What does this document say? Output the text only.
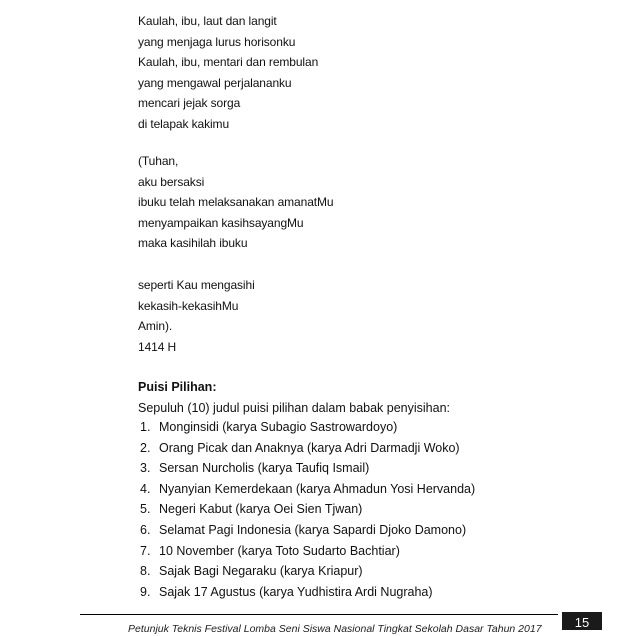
Kaulah, ibu, laut dan langit
yang menjaga lurus horisonku
Kaulah, ibu, mentari dan rembulan
yang mengawal perjalananku
mencari jejak sorga
di telapak kakimu
(Tuhan,
aku bersaksi
ibuku telah melaksanakan amanatMu
menyampaikan kasihsayangMu
maka kasihilah ibuku
seperti Kau mengasihi
kekasih-kekasihMu
Amin).
1414 H
Puisi Pilihan:
Sepuluh (10) judul puisi pilihan dalam babak penyisihan:
1. Monginsidi (karya Subagio Sastrowardoyo)
2. Orang Picak dan Anaknya (karya Adri Darmadji Woko)
3. Sersan Nurcholis (karya Taufiq Ismail)
4. Nyanyian Kemerdekaan (karya Ahmadun Yosi Hervanda)
5. Negeri Kabut (karya Oei Sien Tjwan)
6. Selamat Pagi Indonesia (karya Sapardi Djoko Damono)
7. 10 November (karya Toto Sudarto Bachtiar)
8. Sajak Bagi Negaraku (karya Kriapur)
9. Sajak 17 Agustus (karya Yudhistira Ardi Nugraha)
Petunjuk Teknis Festival Lomba Seni Siswa Nasional Tingkat Sekolah Dasar Tahun 2017	15
